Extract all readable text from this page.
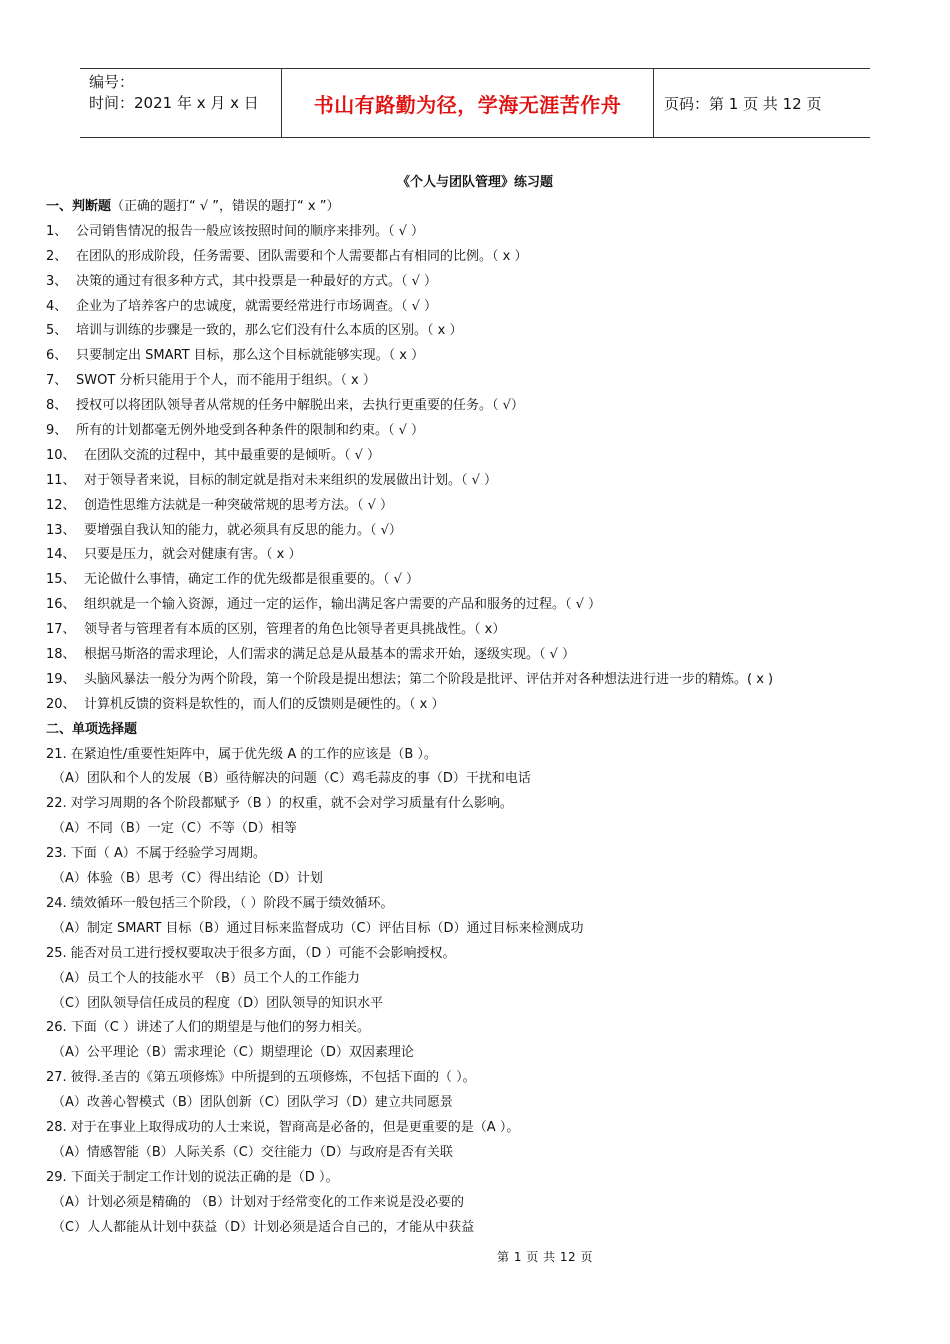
编号：
时间：2021 年 x 月 x 日	书山有路勤为径，学海无涯苦作舟	页码：第 1 页 共 12 页
《个人与团队管理》练习题
一、判断题（正确的题打“ √ ”，错误的题打“ x ”）
1、 公司销售情况的报告一般应该按照时间的顺序来排列。（ √ ）
2、 在团队的形成阶段，任务需要、团队需要和个人需要都占有相同的比例。（ x ）
3、 决策的通过有很多种方式，其中投票是一种最好的方式。（ √ ）
4、 企业为了培养客户的忠诚度，就需要经常进行市场调查。（ √ ）
5、 培训与训练的步骤是一致的，那么它们没有什么本质的区别。（ x ）
6、 只要制定出 SMART 目标，那么这个目标就能够实现。（ x ）
7、 SWOT 分析只能用于个人，而不能用于组织。（ x ）
8、 授权可以将团队领导者从常规的任务中解脱出来，去执行更重要的任务。（ √）
9、 所有的计划都毫无例外地受到各种条件的限制和约束。（ √ ）
10、 在团队交流的过程中，其中最重要的是倾听。（ √ ）
11、 对于领导者来说，目标的制定就是指对未来组织的发展做出计划。（ √ ）
12、 创造性思维方法就是一种突破常规的思考方法。（ √ ）
13、 要增强自我认知的能力，就必须具有反思的能力。（ √）
14、 只要是压力，就会对健康有害。（ x ）
15、 无论做什么事情，确定工作的优先级都是很重要的。（ √ ）
16、 组织就是一个输入资源，通过一定的运作，输出满足客户需要的产品和服务的过程。（ √ ）
17、 领导者与管理者有本质的区别，管理者的角色比领导者更具挑战性。（ x）
18、 根据马斯洛的需求理论，人们需求的满足总是从最基本的需求开始，逐级实现。（ √ ）
19、 头脑风暴法一般分为两个阶段，第一个阶段是提出想法；第二个阶段是批评、评估并对各种想法进行进一步的精炼。( x )
20、 计算机反馈的资料是软性的，而人们的反馈则是硬性的。（ x ）
二、单项选择题
21. 在紧迫性/重要性矩阵中，属于优先级 A 的工作的应该是（B ）。
（A）团队和个人的发展（B）亟待解决的问题（C）鸡毛蒜皮的事（D）干扰和电话
22. 对学习周期的各个阶段都赋予（B ）的权重，就不会对学习质量有什么影响。
（A）不同（B）一定（C）不等（D）相等
23. 下面（ A）不属于经验学习周期。
（A）体验（B）思考（C）得出结论（D）计划
24. 绩效循环一般包括三个阶段，（ ）阶段不属于绩效循环。
（A）制定 SMART 目标（B）通过目标来监督成功（C）评估目标（D）通过目标来检测成功
25. 能否对员工进行授权要取决于很多方面，（D ）可能不会影响授权。
（A）员工个人的技能水平 （B）员工个人的工作能力
（C）团队领导信任成员的程度（D）团队领导的知识水平
26. 下面（C ）讲述了人们的期望是与他们的努力相关。
（A）公平理论（B）需求理论（C）期望理论（D）双因素理论
27. 彼得.圣吉的《第五项修炼》中所提到的五项修炼，不包括下面的（ ）。
（A）改善心智模式（B）团队创新（C）团队学习（D）建立共同愿景
28. 对于在事业上取得成功的人士来说，智商高是必备的，但是更重要的是（A ）。
（A）情感智能（B）人际关系（C）交往能力（D）与政府是否有关联
29. 下面关于制定工作计划的说法正确的是（D ）。
（A）计划必须是精确的 （B）计划对于经常变化的工作来说是没必要的
（C）人人都能从计划中获益（D）计划必须是适合自己的，才能从中获益
第 1 页 共 12 页
